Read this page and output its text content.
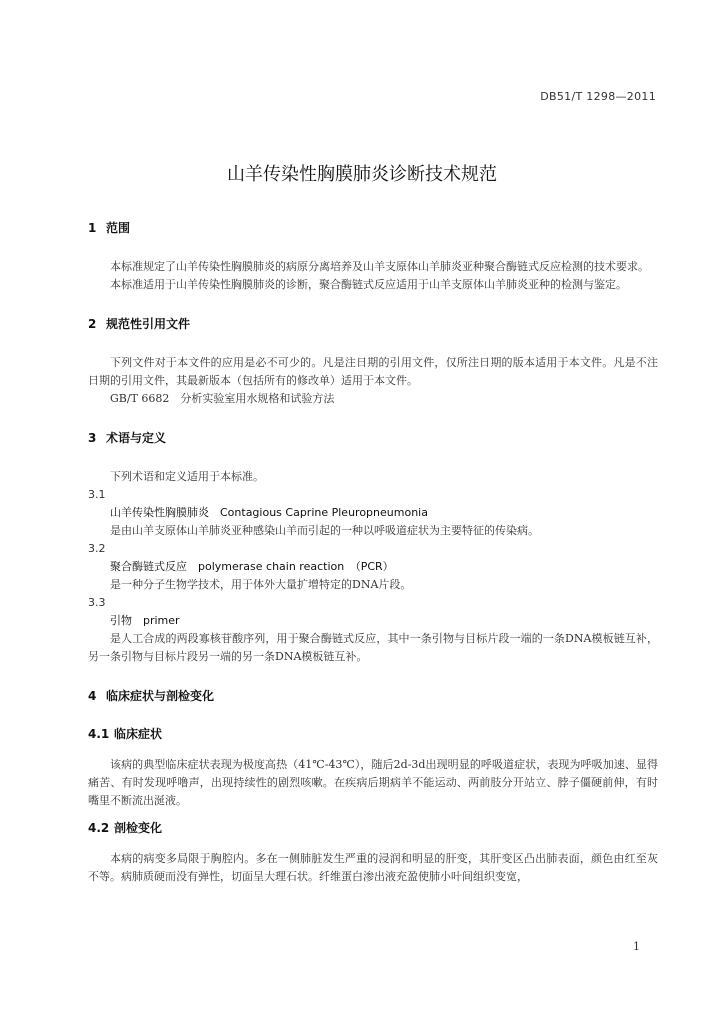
DB51/T 1298—2011
山羊传染性胸膜肺炎诊断技术规范
1 范围

本标准规定了山羊传染性胸膜肺炎的病原分离培养及山羊支原体山羊肺炎亚种聚合酶链式反应检测的技术要求。

本标准适用于山羊传染性胸膜肺炎的诊断，聚合酶链式反应适用于山羊支原体山羊肺炎亚种的检测与鉴定。

2 规范性引用文件

下列文件对于本文件的应用是必不可少的。凡是注日期的引用文件，仅所注日期的版本适用于本文件。凡是不注日期的引用文件，其最新版本（包括所有的修改单）适用于本文件。

GB/T 6682　分析实验室用水规格和试验方法

3 术语与定义

下列术语和定义适用于本标准。

3.1
山羊传染性胸膜肺炎　Contagious Caprine Pleuropneumonia

是由山羊支原体山羊肺炎亚种感染山羊而引起的一种以呼吸道症状为主要特征的传染病。

3.2
聚合酶链式反应　polymerase chain reaction　（PCR）

是一种分子生物学技术，用于体外大量扩增特定的DNA片段。

3.3
引物　primer

是人工合成的两段寡核苷酸序列，用于聚合酶链式反应，其中一条引物与目标片段一端的一条DNA模板链互补，另一条引物与目标片段另一端的另一条DNA模板链互补。

4 临床症状与剖检变化
4.1 临床症状

该病的典型临床症状表现为极度高热（41℃-43℃），随后2d-3d出现明显的呼吸道症状，表现为呼吸加速、显得痛苦、有时发现呼噜声，出现持续性的剧烈咳嗽。在疾病后期病羊不能运动、两前肢分开站立、脖子僵硬前伸，有时嘴里不断流出涎液。

4.2 剖检变化

本病的病变多局限于胸腔内。多在一侧肺脏发生严重的浸润和明显的肝变，其肝变区凸出肺表面，颜色由红至灰不等。病肺质硬而没有弹性，切面呈大理石状。纤维蛋白渗出液充盈使肺小叶间组织变宽，

1
